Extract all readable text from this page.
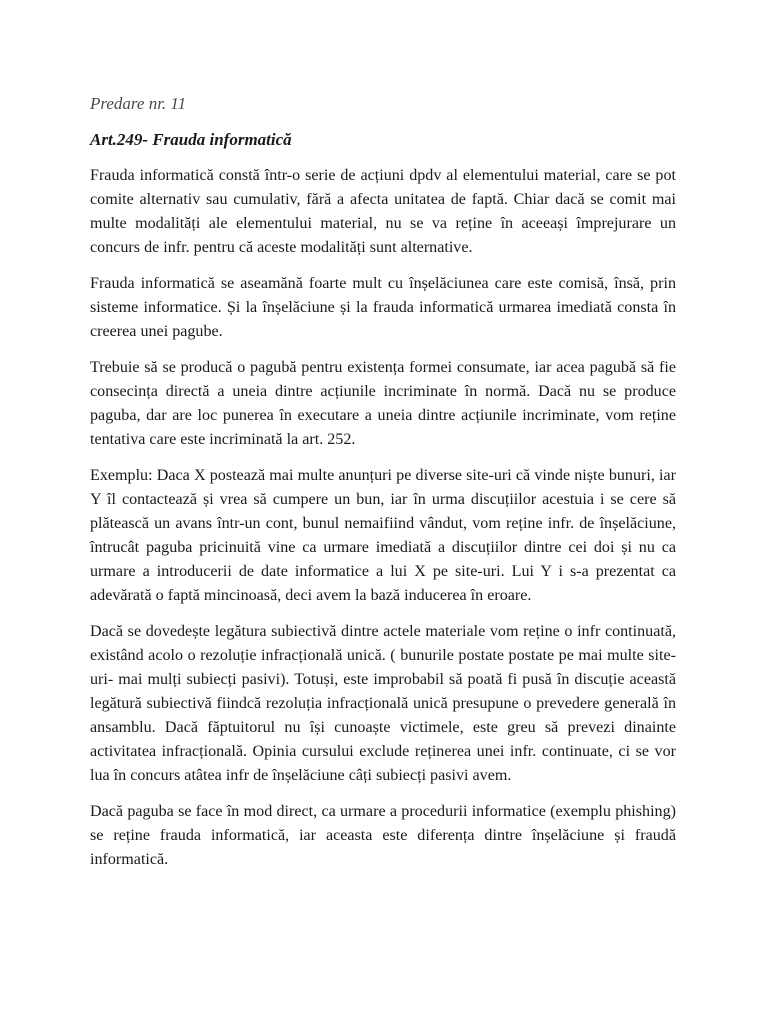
Predare nr. 11

Art.249- Frauda informatică

Frauda informatică constă într-o serie de acțiuni dpdv al elementului material, care se pot comite alternativ sau cumulativ, fără a afecta unitatea de faptă. Chiar dacă se comit mai multe modalități ale elementului material, nu se va reține în aceeași împrejurare un concurs de infr. pentru că aceste modalități sunt alternative.

Frauda informatică se aseamănă foarte mult cu înșelăciunea care este comisă, însă, prin sisteme informatice. Și la înșelăciune și la frauda informatică urmarea imediată consta în creerea unei pagube.

Trebuie să se producă o pagubă pentru existența formei consumate, iar acea pagubă să fie consecința directă a uneia dintre acțiunile incriminate în normă. Dacă nu se produce paguba, dar are loc punerea în executare a uneia dintre acțiunile incriminate, vom reține tentativa care este incriminată la art. 252.

Exemplu: Daca X postează mai multe anunțuri pe diverse site-uri că vinde niște bunuri, iar Y îl contactează și vrea să cumpere un bun, iar în urma discuțiilor acestuia i se cere să plătească un avans într-un cont, bunul nemaifiind vândut, vom reține infr. de înșelăciune, întrucât paguba pricinuită vine ca urmare imediată a discuțiilor dintre cei doi și nu ca urmare a introducerii de date informatice a lui X pe site-uri. Lui Y i s-a prezentat ca adevărată o faptă mincinoasă, deci avem la bază inducerea în eroare.

Dacă se dovedește legătura subiectivă dintre actele materiale vom reține o infr continuată, existând acolo o rezoluție infracțională unică. ( bunurile postate postate pe mai multe site-uri- mai mulți subiecți pasivi). Totuși, este improbabil să poată fi pusă în discuție această legătură subiectivă fiindcă rezoluția infracțională unică presupune o prevedere generală în ansamblu. Dacă făptuitorul nu își cunoaște victimele, este greu să prevezi dinainte activitatea infracțională. Opinia cursului exclude reținerea unei infr. continuate, ci se vor lua în concurs atâtea infr de înșelăciune câți subiecți pasivi avem.

Dacă paguba se face în mod direct, ca urmare a procedurii informatice (exemplu phishing) se reține frauda informatică, iar aceasta este diferența dintre înșelăciune și fraudă informatică.
